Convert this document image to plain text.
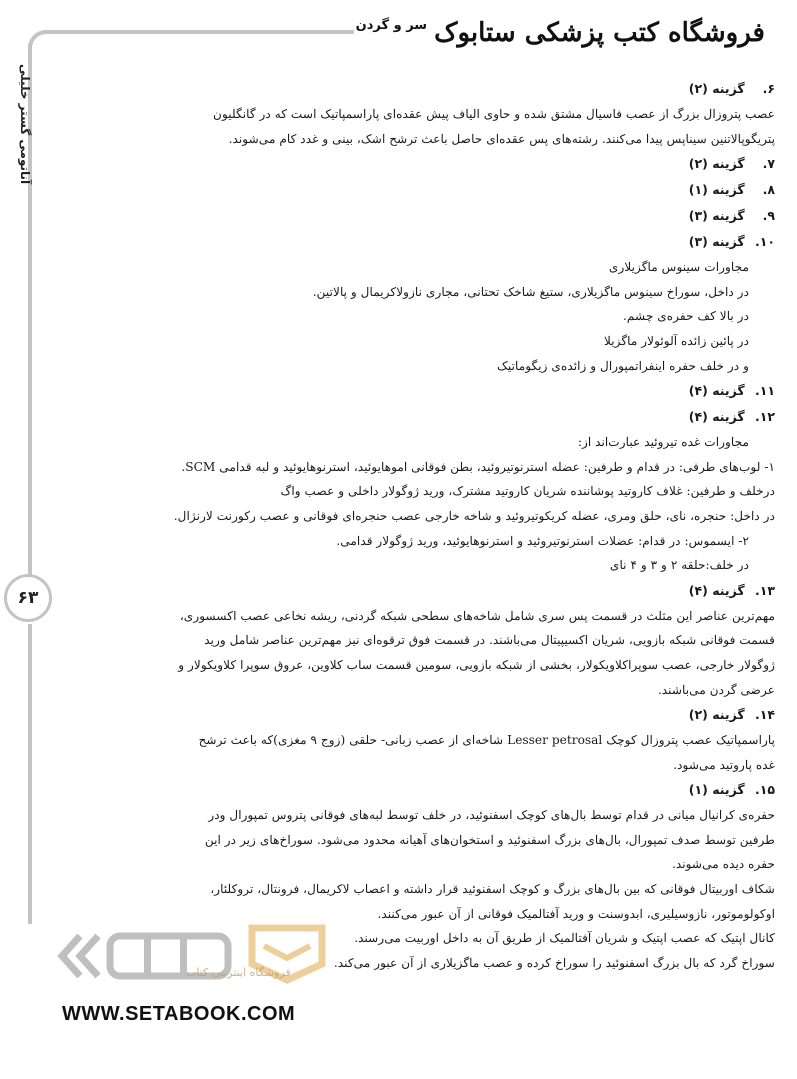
آناتومی گستر خلیلی
۶۳
فروشگاه کتب پزشکی ستابوک $^{سر و گردن}$
۶. گزینه (۲)
عصب پتروزال بزرگ از عصب فاسیال مشتق شده و حاوی الیاف پیش عقده‌ای پاراسمپاتیک است که در گانگلیون
پتریگوپالاتنین سیناپس پیدا می‌کنند. رشته‌های پس عقده‌ای حاصل باعث ترشح اشک، بینی و غدد کام می‌شوند.
۷. گزینه (۲)
۸. گزینه (۱)
۹. گزینه (۳)
۱۰. گزینه (۳)
مجاورات سینوس ماگزیلاری
در داخل، سوراخ سینوس ماگزیلاری، ستیغ شاخک تحتانی، مجاری نازولاکریمال و پالاتین.
در بالا کف حفره‌ی چشم.
در پائین زائده آلوئولار ماگزیلا
و در خلف حفره اینفراتمپورال و زائده‌ی زیگوماتیک
۱۱. گزینه (۴)
۱۲. گزینه (۴)
مجاورات غده تیروئید عبارت‌اند از:
۱- لوب‌های طرفی: در قدام و طرفین: عضله استرنوتیروئید، بطن فوقانی اموهایوئید، استرنوهایوئید و لبه قدامی SCM.
درخلف و طرفین: غلاف کاروتید پوشاننده شریان کاروتید مشترک، ورید ژوگولار داخلی و عصب واگ
در داخل: حنجره، نای، حلق ومری، عضله کریکوتیروئید و شاخه خارجی عصب حنجره‌ای فوقانی و عصب رکورنت لارنژال.
۲- ایسموس: در قدام: عضلات استرنوتیروئید و استرنوهایوئید، ورید ژوگولار قدامی.
در خلف:حلقه ۲ و ۳ و ۴ نای
۱۳. گزینه (۴)
مهم‌ترین عناصر این مثلث در قسمت پس سری شامل شاخه‌های سطحی شبکه گردنی، ریشه نخاعی عصب اکسسوری،
قسمت فوقانی شبکه بازویی، شریان اکسیپیتال می‌باشند. در قسمت فوق ترقوه‌ای نیز مهم‌ترین عناصر شامل ورید
ژوگولار خارجی، عصب سوپراکلاویکولار، بخشی از شبکه بازویی، سومین قسمت ساب کلاوین، عروق سوپرا کلاویکولار و
عرضی گردن می‌باشند.
۱۴. گزینه (۲)
پاراسمپاتیک عصب پتروزال کوچک Lesser petrosal شاخه‌ای از عصب زبانی- حلقی (زوج ۹ مغزی)که باعث ترشح
غده پاروتید می‌شود.
۱۵. گزینه (۱)
حفره‌ی کرانیال میانی در قدام توسط بال‌های کوچک اسفنوئید، در خلف توسط لبه‌های فوقانی پتروس تمپورال ودر
طرفین توسط صدف تمپورال، بال‌های بزرگ اسفنوئید و استخوان‌های آهیانه محدود می‌شود. سوراخ‌های زیر در این
حفره دیده می‌شوند.
شکاف اوربیتال فوقانی که بین بال‌های بزرگ و کوچک اسفنوئید قرار داشته و اعصاب لاکریمال، فرونتال، تروکلئار،
اوکولوموتور، نازوسیلیری، ابدوسنت و ورید آفتالمیک فوقانی از آن عبور می‌کنند.
کانال اپتیک که عصب اپتیک و شریان آفتالمیک از طریق آن به داخل اوربیت می‌رسند.
سوراخ گرد که بال بزرگ اسفنوئید را سوراخ کرده و عصب ماگزیلاری از آن عبور می‌کند.
فروشگاه اینترنتی کتاب
WWW.SETABOOK.COM
